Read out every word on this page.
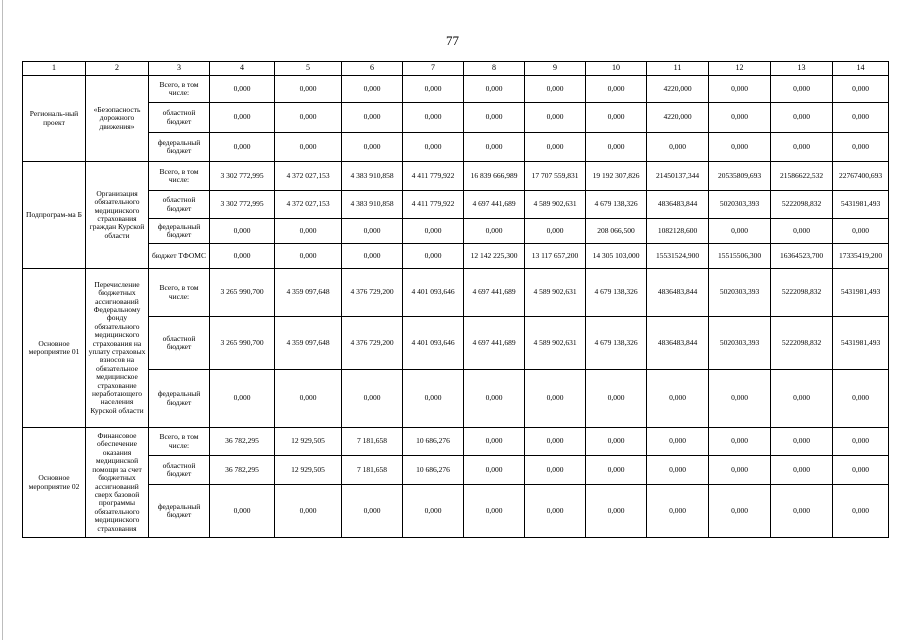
77
1	2	3	4	5	6	7	8	9	10	11	12	13	14
Региональ-ный проект	«Безопасность дорожного движения»	Всего, в том числе:	0,000	0,000	0,000	0,000	0,000	0,000	0,000	4220,000	0,000	0,000	0,000
		областной бюджет	0,000	0,000	0,000	0,000	0,000	0,000	0,000	4220,000	0,000	0,000	0,000
		федеральный бюджет	0,000	0,000	0,000	0,000	0,000	0,000	0,000	0,000	0,000	0,000	0,000
Подпрограм-ма Б	Организация обязательного медицинского страхования граждан Курской области	Всего, в том числе:	3 302 772,995	4 372 027,153	4 383 910,858	4 411 779,922	16 839 666,989	17 707 559,831	19 192 307,826	21450137,344	20535809,693	21586622,532	22767400,693
		областной бюджет	3 302 772,995	4 372 027,153	4 383 910,858	4 411 779,922	4 697 441,689	4 589 902,631	4 679 138,326	4836483,844	5020303,393	5222098,832	5431981,493
		федеральный бюджет	0,000	0,000	0,000	0,000	0,000	0,000	208 066,500	1082128,600	0,000	0,000	0,000
		бюджет ТФОМС	0,000	0,000	0,000	0,000	12 142 225,300	13 117 657,200	14 305 103,000	15531524,900	15515506,300	16364523,700	17335419,200
Основное мероприятие 01	Перечисление бюджетных ассигнований Федеральному фонду обязательного медицинского страхования на уплату страховых взносов на обязательное медицинское страхование неработающего населения Курской области	Всего, в том числе:	3 265 990,700	4 359 097,648	4 376 729,200	4 401 093,646	4 697 441,689	4 589 902,631	4 679 138,326	4836483,844	5020303,393	5222098,832	5431981,493
		областной бюджет	3 265 990,700	4 359 097,648	4 376 729,200	4 401 093,646	4 697 441,689	4 589 902,631	4 679 138,326	4836483,844	5020303,393	5222098,832	5431981,493
		федеральный бюджет	0,000	0,000	0,000	0,000	0,000	0,000	0,000	0,000	0,000	0,000	0,000
Основное мероприятие 02	Финансовое обеспечение оказания медицинской помощи за счет бюджетных ассигнований сверх базовой программы обязательного медицинского страхования	Всего, в том числе:	36 782,295	12 929,505	7 181,658	10 686,276	0,000	0,000	0,000	0,000	0,000	0,000	0,000
		областной бюджет	36 782,295	12 929,505	7 181,658	10 686,276	0,000	0,000	0,000	0,000	0,000	0,000	0,000
		федеральный бюджет	0,000	0,000	0,000	0,000	0,000	0,000	0,000	0,000	0,000	0,000	0,000
